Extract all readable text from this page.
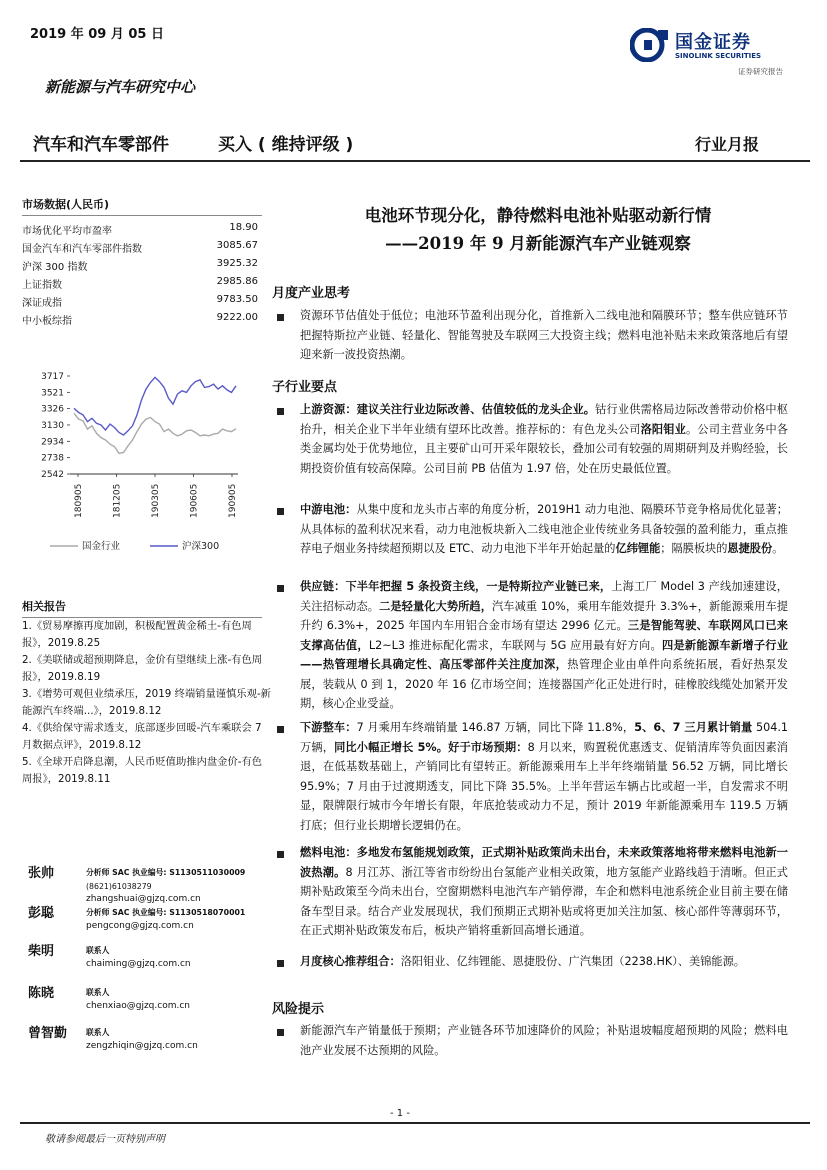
2019 年 09 月 05 日
新能源与汽车研究中心
国金证券
SINOLINK SECURITIES
证券研究报告
汽车和汽车零部件	买入 ( 维持评级 )	行业月报
市场数据(人民币)
市场优化平均市盈率	18.90
国金汽车和汽车零部件指数	3085.67
沪深 300 指数	3925.32
上证指数	2985.86
深证成指	9783.50
中小板综指	9222.00
3717
3521
3326
3130
2934
2738
2542
180905	181205	190305	190605	190905
国金行业	沪深300
相关报告
1.《贸易摩擦再度加剧，积极配置黄金稀土-有色周报》，2019.8.25
2.《美联储或超预期降息，金价有望继续上涨-有色周报》，2019.8.19
3.《增势可观但业绩承压，2019 终端销量谨慎乐观-新能源汽车终端...》，2019.8.12
4.《供给保守需求透支，底部逐步回暖-汽车乘联会 7 月数据点评》，2019.8.12
5.《全球开启降息潮，人民币贬值助推内盘金价-有色周报》，2019.8.11
张帅	分析师 SAC 执业编号: S1130511030009
(8621)61038279
zhangshuai@gjzq.com.cn
彭聪	分析师 SAC 执业编号: S1130518070001
pengcong@gjzq.com.cn
柴明	联系人
chaiming@gjzq.com.cn
陈晓	联系人
chenxiao@gjzq.com.cn
曾智勤 联系人
zengzhiqin@gjzq.com.cn
电池环节现分化，静待燃料电池补贴驱动新行情
——2019 年 9 月新能源汽车产业链观察
月度产业思考
资源环节估值处于低位；电池环节盈利出现分化，首推新入二线电池和隔膜环节；整车供应链环节把握特斯拉产业链、轻量化、智能驾驶及车联网三大投资主线；燃料电池补贴未来政策落地后有望迎来新一波投资热潮。
子行业要点
上游资源：建议关注行业边际改善、估值较低的龙头企业。钴行业供需格局边际改善带动价格中枢抬升，相关企业下半年业绩有望环比改善。推荐标的：有色龙头公司洛阳钼业。公司主营业务中各类金属均处于优势地位，且主要矿山可开采年限较长，叠加公司有较强的周期研判及并购经验，长期投资价值有较高保障。公司目前 PB 估值为 1.97 倍，处在历史最低位置。
中游电池：从集中度和龙头市占率的角度分析，2019H1 动力电池、隔膜环节竞争格局优化显著；从具体标的盈利状况来看，动力电池板块新入二线电池企业传统业务具备较强的盈利能力，重点推荐电子烟业务持续超预期以及 ETC、动力电池下半年开始起量的亿纬锂能；隔膜板块的恩捷股份。
供应链：下半年把握 5 条投资主线，一是特斯拉产业链已来，上海工厂 Model 3 产线加速建设，关注招标动态。二是轻量化大势所趋，汽车减重 10%，乘用车能效提升 3.3%+，新能源乘用车提升约 6.3%+，2025 年国内车用铝合金市场有望达 2996 亿元。三是智能驾驶、车联网风口已来支撑高估值，L2~L3 推进标配化需求，车联网与 5G 应用最有好方向。四是新能源车新增子行业——热管理增长具确定性、高压零部件关注度加深，热管理企业由单件向系统拓展，看好热泵发展，装载从 0 到 1，2020 年 16 亿市场空间；连接器国产化正处进行时，硅橡胶线缆处加紧开发期，核心企业受益。
下游整车：7 月乘用车终端销量 146.87 万辆，同比下降 11.8%，5、6、7 三月累计销量 504.1 万辆，同比小幅正增长 5%。好于市场预期：8 月以来，购置税优惠透支、促销清库等负面因素消退，在低基数基础上，产销同比有望转正。新能源乘用车上半年终端销量 56.52 万辆，同比增长 95.9%；7 月由于过渡期透支，同比下降 35.5%。上半年营运车辆占比或超一半，自发需求不明显，限牌限行城市今年增长有限，年底抢装或动力不足，预计 2019 年新能源乘用车 119.5 万辆打底；但行业长期增长逻辑仍在。
燃料电池：多地发布氢能规划政策，正式期补贴政策尚未出台，未来政策落地将带来燃料电池新一波热潮。8 月江苏、浙江等省市纷纷出台氢能产业相关政策，地方氢能产业路线趋于清晰。但正式期补贴政策至今尚未出台，空窗期燃料电池汽车产销停滞，车企和燃料电池系统企业目前主要在储备车型目录。结合产业发展现状，我们预期正式期补贴或将更加关注加氢、核心部件等薄弱环节，在正式期补贴政策发布后，板块产销将重新回高增长通道。
月度核心推荐组合：洛阳钼业、亿纬锂能、恩捷股份、广汽集团（2238.HK）、美锦能源。
风险提示
新能源汽车产销量低于预期；产业链各环节加速降价的风险；补贴退坡幅度超预期的风险；燃料电池产业发展不达预期的风险。
- 1 -
敬请参阅最后一页特别声明
